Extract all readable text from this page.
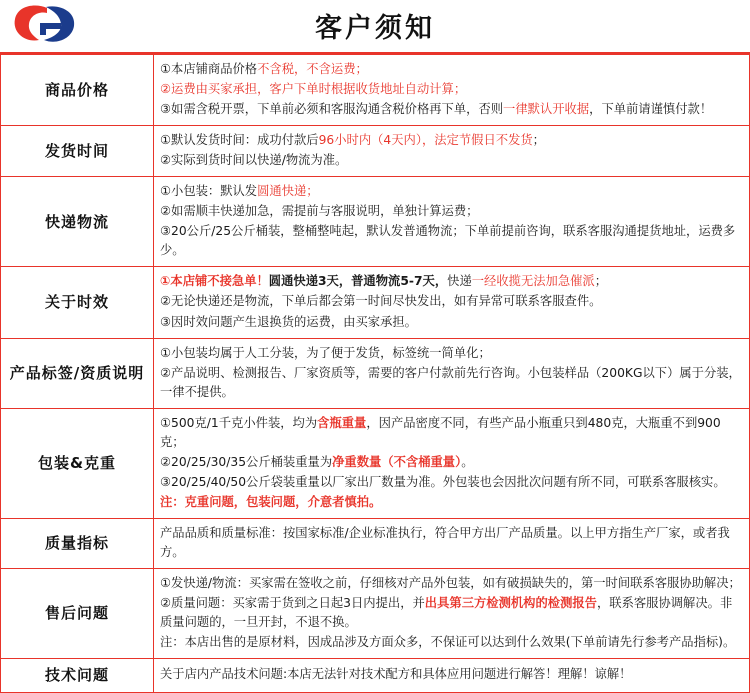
客户须知
商品价格	①本店铺商品价格不含税，不含运费；

②运费由买家承担，客户下单时根据收货地址自动计算；

③如需含税开票，下单前必须和客服沟通含税价格再下单，否则一律默认开收据，下单前请谨慎付款！

发货时间	①默认发货时间：成功付款后96小时内（4天内），法定节假日不发货；

②实际到货时间以快递/物流为准。

快递物流	①小包装：默认发圆通快递；

②如需顺丰快递加急，需提前与客服说明，单独计算运费；

③20公斤/25公斤桶装，整桶整吨起，默认发普通物流；下单前提前咨询，联系客服沟通提货地址，运费多少。

关于时效	①本店铺不接急单！圆通快递3天，普通物流5-7天，快递一经收揽无法加急催派；

②无论快递还是物流，下单后都会第一时间尽快发出，如有异常可联系客服查件。

③因时效问题产生退换货的运费，由买家承担。

产品标签/资质说明	①小包装均属于人工分装，为了便于发货，标签统一简单化；

②产品说明、检测报告、厂家资质等，需要的客户付款前先行咨询。小包装样品（200KG以下）属于分装，一律不提供。

包装&克重	①500克/1千克小件装，均为含瓶重量，因产品密度不同，有些产品小瓶重只到480克，大瓶重不到900克；

②20/25/30/35公斤桶装重量为净重数量（不含桶重量）。

③20/25/40/50公斤袋装重量以厂家出厂数量为准。外包装也会因批次问题有所不同，可联系客服核实。

注：克重问题，包装问题，介意者慎拍。

质量指标	产品品质和质量标准：按国家标准/企业标准执行，符合甲方出厂产品质量。以上甲方指生产厂家，或者我方。

售后问题	①发快递/物流：买家需在签收之前，仔细核对产品外包装，如有破损缺失的，第一时间联系客服协助解决；

②质量问题：买家需于货到之日起3日内提出，并出具第三方检测机构的检测报告，联系客服协调解决。非质量问题的，一旦开封，不退不换。

注：本店出售的是原材料，因成品涉及方面众多，不保证可以达到什么效果(下单前请先行参考产品指标)。

技术问题	关于店内产品技术问题:本店无法针对技术配方和具体应用问题进行解答！理解！谅解！
